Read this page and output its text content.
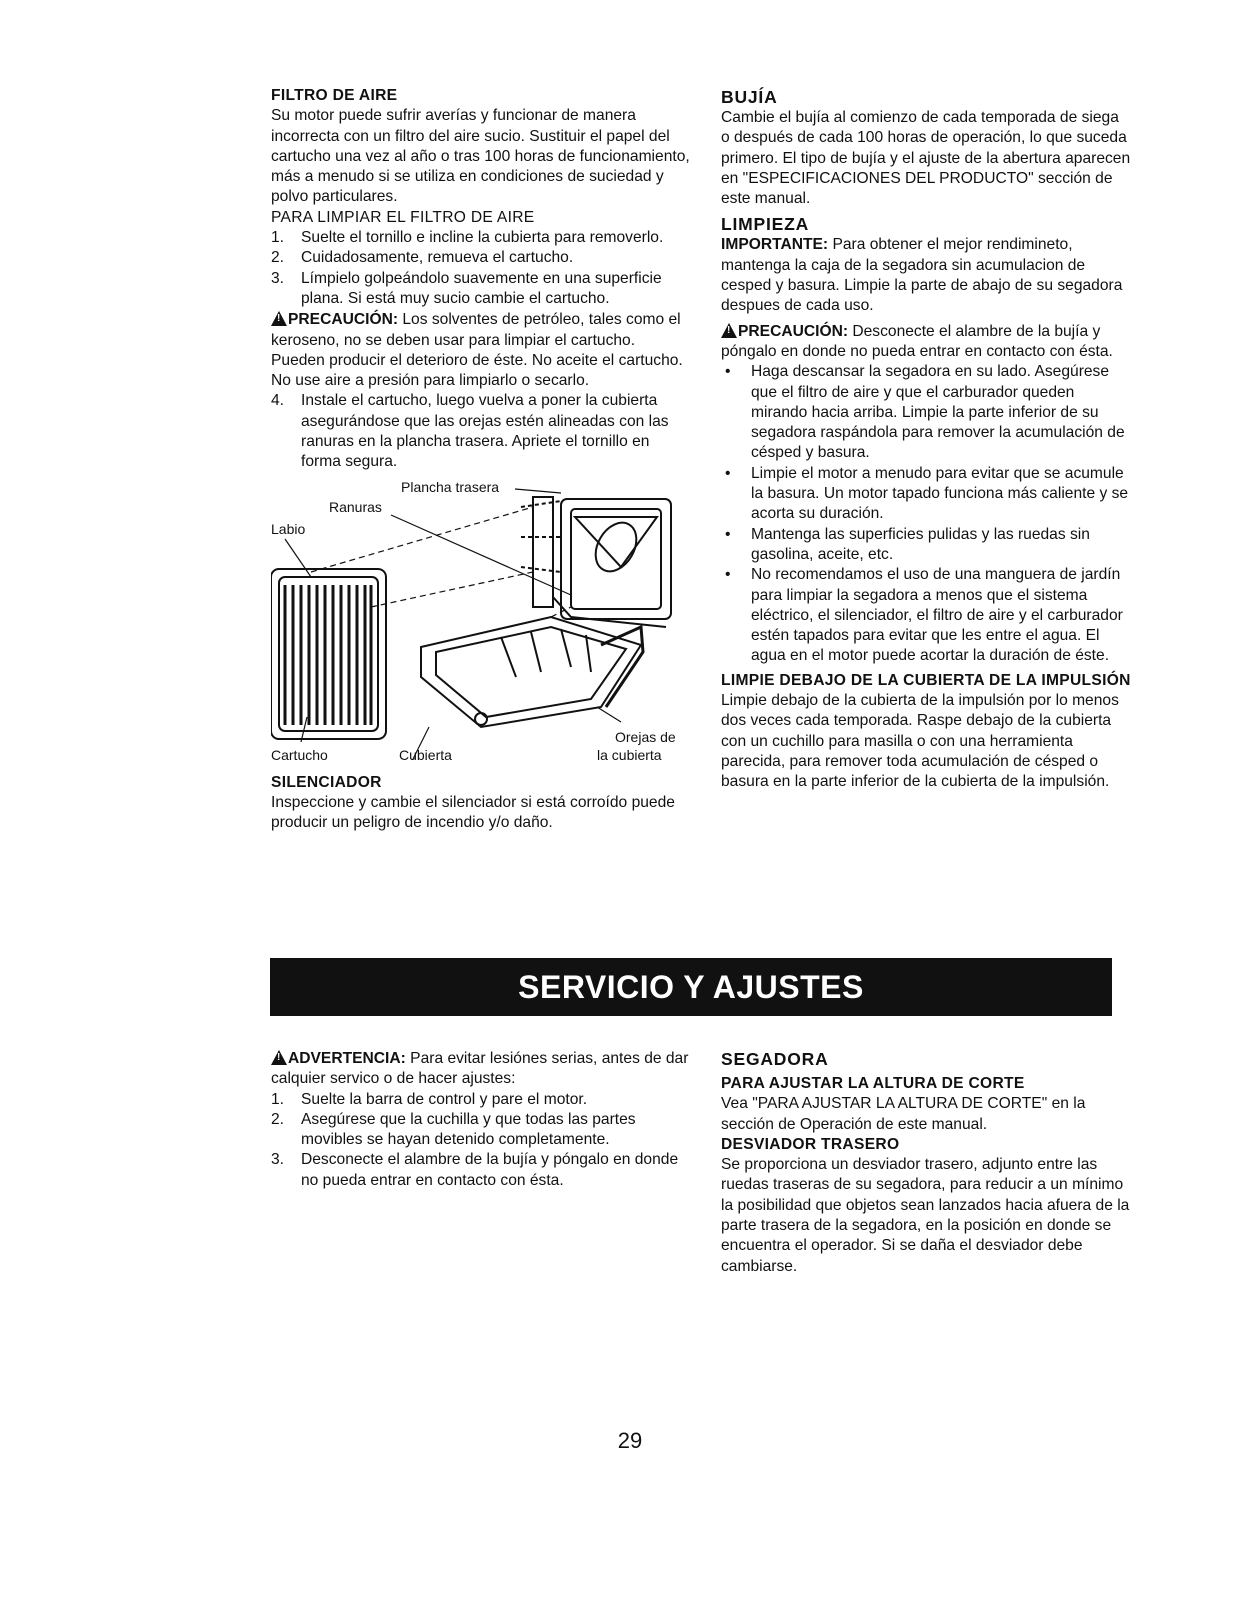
FILTRO DE AIRE

Su motor puede sufrir averías y funcionar de manera incorrecta con un filtro del aire sucio. Sustituir el papel del cartucho una vez al año o tras 100 horas de funcionamiento, más a menudo si se utiliza en condiciones de suciedad y polvo particulares.

PARA LIMPIAR EL FILTRO DE AIRE

1.	Suelte el tornillo e incline la cubierta para removerlo.
2.	Cuidadosamente, remueva el cartucho.
3.	Límpielo golpeándolo suavemente en una superficie plana. Si está muy sucio cambie el cartucho.

!PRECAUCIÓN: Los solventes de petróleo, tales como el keroseno, no se deben usar para limpiar el cartucho. Pueden producir el deterioro de éste. No aceite el cartucho. No use aire a presión para limpiarlo o secarlo.

4.	Instale el cartucho, luego vuelva a poner la cubierta asegurándose que las orejas estén alineadas con las ranuras en la plancha trasera. Apriete el tornillo en forma segura.
Plancha trasera
Ranuras
Labio
Cartucho	Cubierta
Orejas de
la cubierta

SILENCIADOR

Inspeccione y cambie el silenciador si está corroído puede producir un peligro de incendio y/o daño.

BUJÍA

Cambie el bujía al comienzo de cada temporada de siega o después de cada 100 horas de operación, lo que suceda primero. El tipo de bujía y el ajuste de la abertura aparecen en "ESPECIFICACIONES DEL PRODUCTO" sección de este manual.

LIMPIEZA

IMPORTANTE: Para obtener el mejor rendimineto, mantenga la caja de la segadora sin acumulacion de cesped y basura. Limpie la parte de abajo de su segadora despues de cada uso.

!PRECAUCIÓN: Desconecte el alambre de la bujía y póngalo en donde no pueda entrar en contacto con ésta.

•	Haga descansar la segadora en su lado. Asegúrese que el filtro de aire y que el carburador queden mirando hacia arriba. Limpie la parte inferior de su segadora raspándola para remover la acumulación de césped y basura.
•	Limpie el motor a menudo para evitar que se acumule la basura. Un motor tapado funciona más caliente y se acorta su duración.
•	Mantenga las superficies pulidas y las ruedas sin gasolina, aceite, etc.
•	No recomendamos el uso de una manguera de jardín para limpiar la segadora a menos que el sistema eléctrico, el silenciador, el filtro de aire y el carburador estén tapados para evitar que les entre el agua. El agua en el motor puede acortar la duración de éste.

LIMPIE DEBAJO DE LA CUBIERTA DE LA IMPULSIÓN

Limpie debajo de la cubierta de la impulsión por lo menos dos veces cada temporada. Raspe debajo de la cubierta con un cuchillo para masilla o con una herramienta parecida, para remover toda acumulación de césped o basura en la parte inferior de la cubierta de la impulsión.

SERVICIO Y AJUSTES

!ADVERTENCIA: Para evitar lesiónes serias, antes de dar calquier servico o de hacer ajustes:

1.	Suelte la barra de control y pare el motor.
2.	Asegúrese que la cuchilla y que todas las partes movibles se hayan detenido completamente.
3.	Desconecte el alambre de la bujía y póngalo en donde no pueda entrar en contacto con ésta.

SEGADORA

PARA AJUSTAR LA ALTURA DE CORTE

Vea "PARA AJUSTAR LA ALTURA DE CORTE" en la sección de Operación de este manual.

DESVIADOR TRASERO

Se proporciona un desviador trasero, adjunto entre las ruedas traseras de su segadora, para reducir a un mínimo la posibilidad que objetos sean lanzados hacia afuera de la parte trasera de la segadora, en la posición en donde se encuentra el operador. Si se daña el desviador debe cambiarse.

29
